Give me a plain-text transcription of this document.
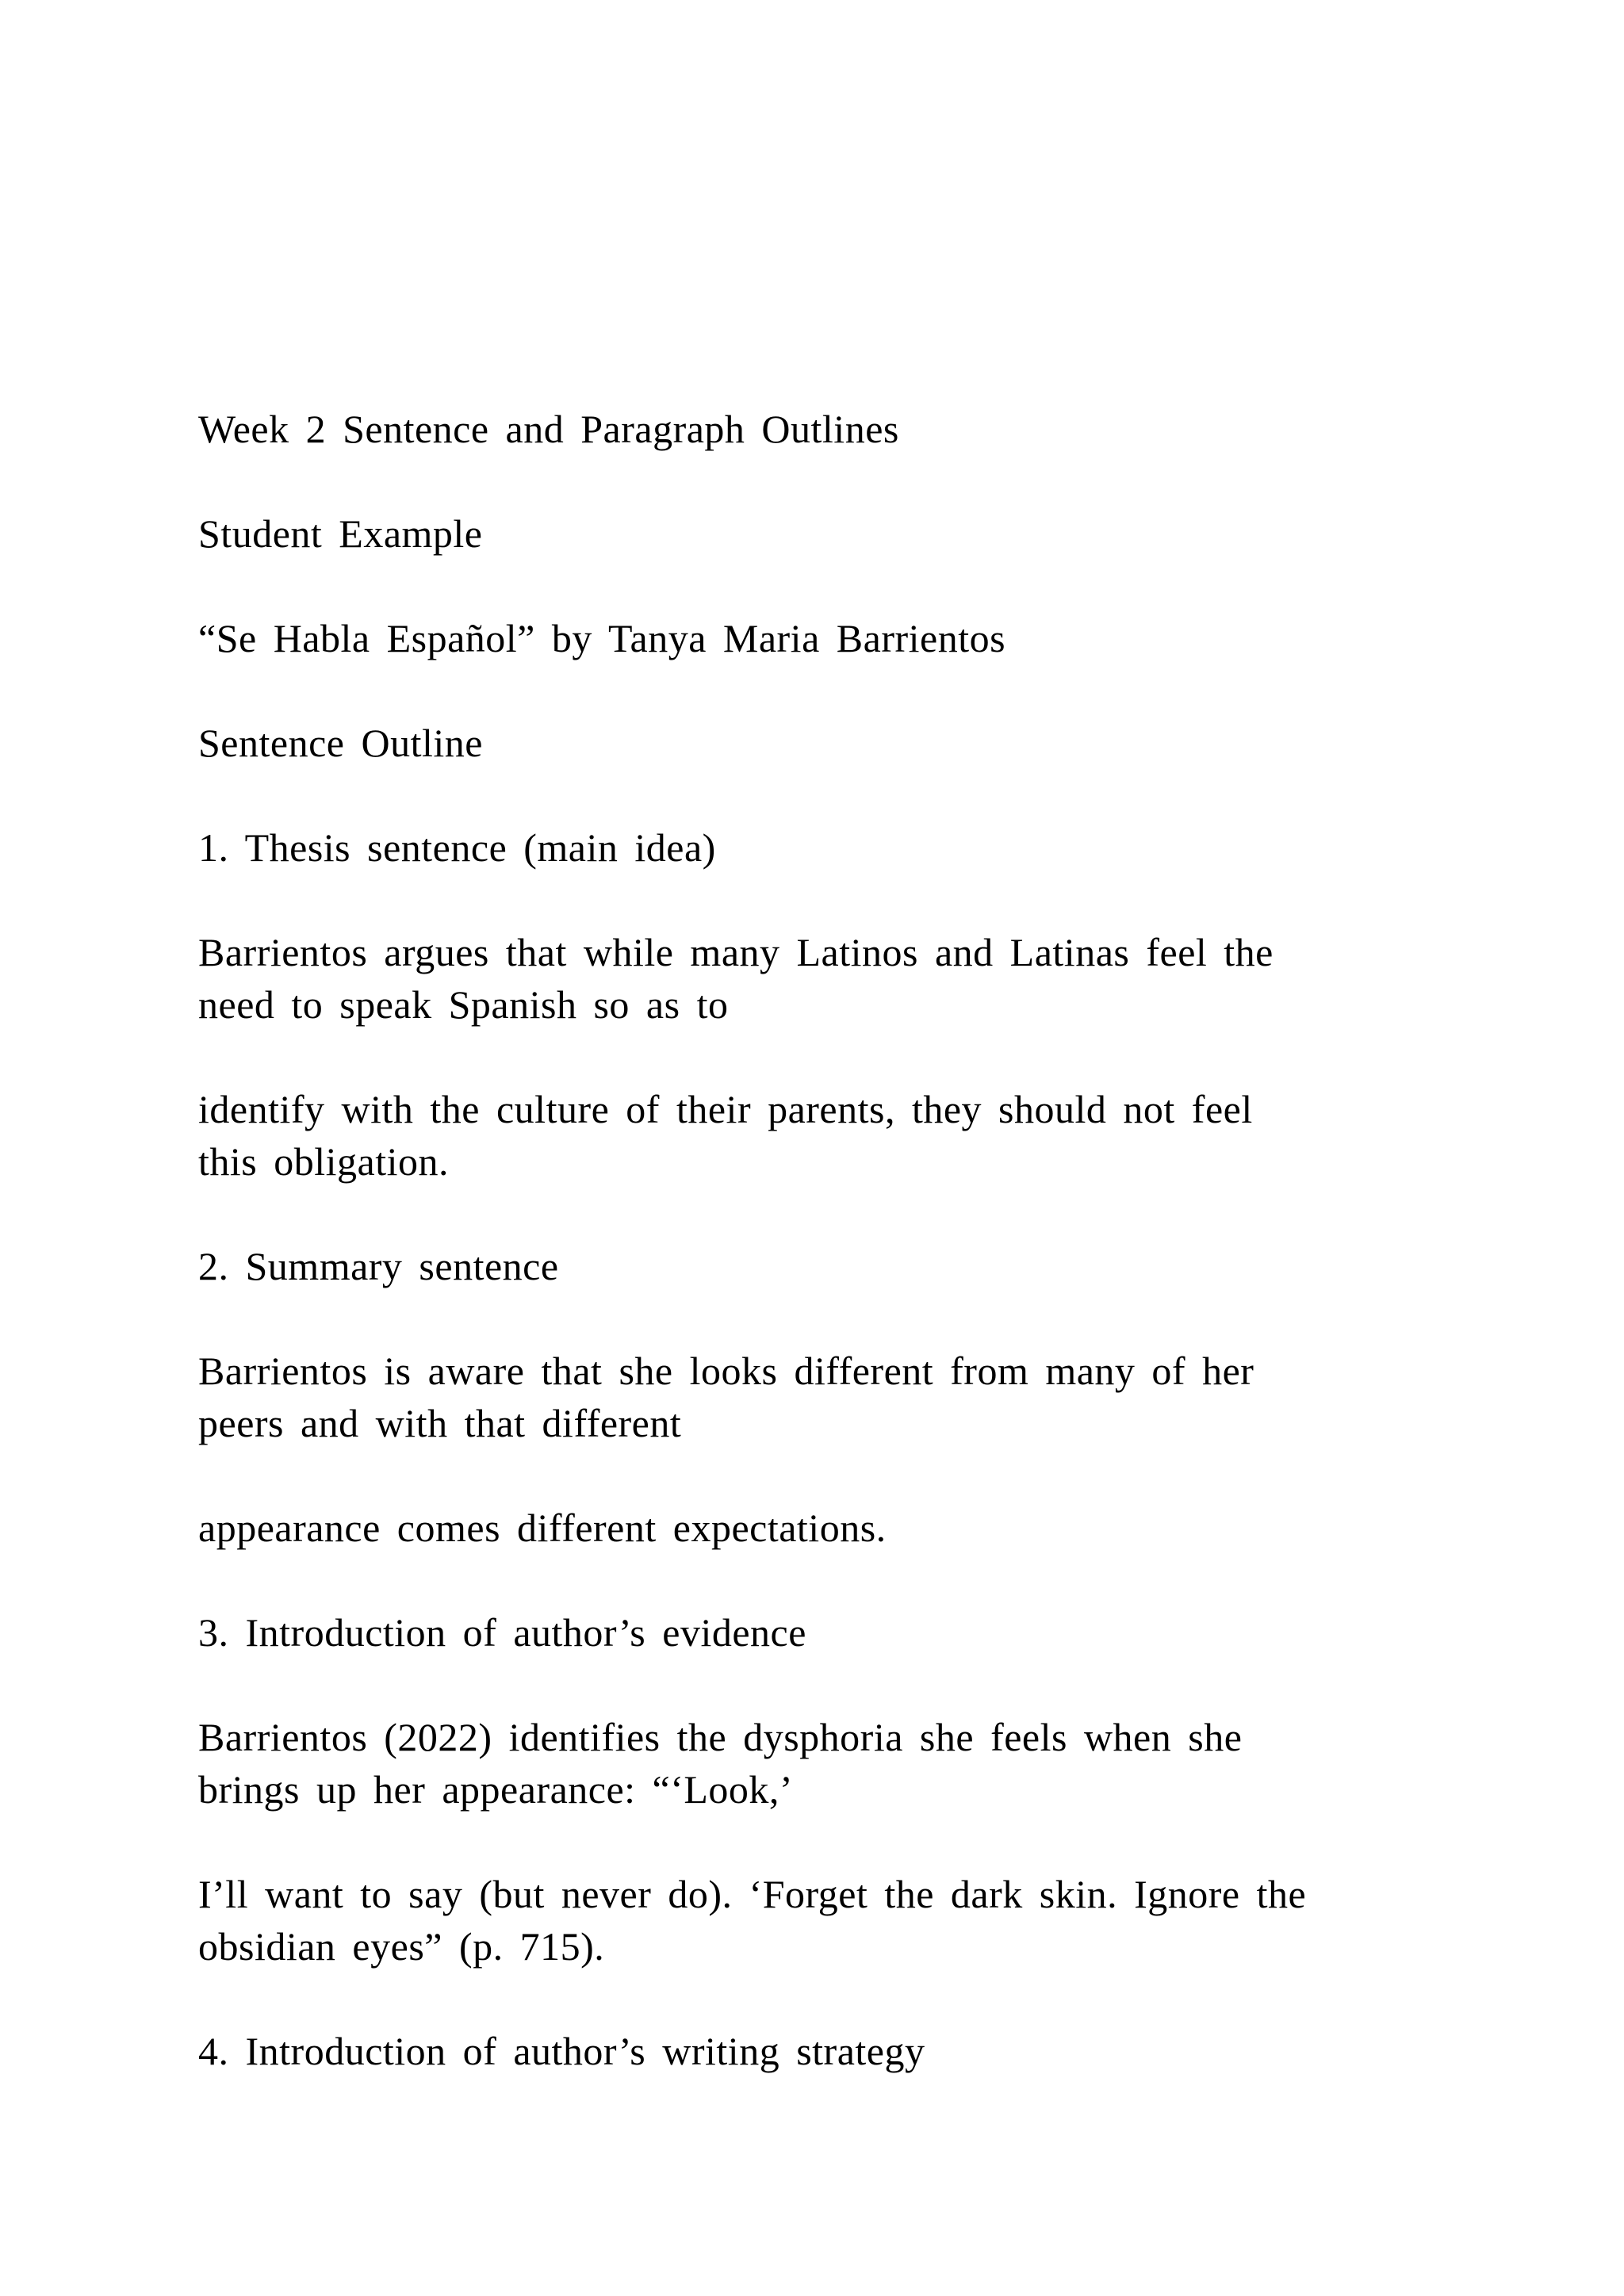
Week 2 Sentence and Paragraph Outlines
Student Example
“Se Habla Español” by Tanya Maria Barrientos
Sentence Outline
1. Thesis sentence (main idea)
Barrientos argues that while many Latinos and Latinas feel the
need to speak Spanish so as to
identify with the culture of their parents, they should not feel
this obligation.
2. Summary sentence
Barrientos is aware that she looks different from many of her
peers and with that different
appearance comes different expectations.
3. Introduction of author’s evidence
Barrientos (2022) identifies the dysphoria she feels when she
brings up her appearance: “‘Look,’
I’ll want to say (but never do). ‘Forget the dark skin. Ignore the
obsidian eyes” (p. 715).
4. Introduction of author’s writing strategy
